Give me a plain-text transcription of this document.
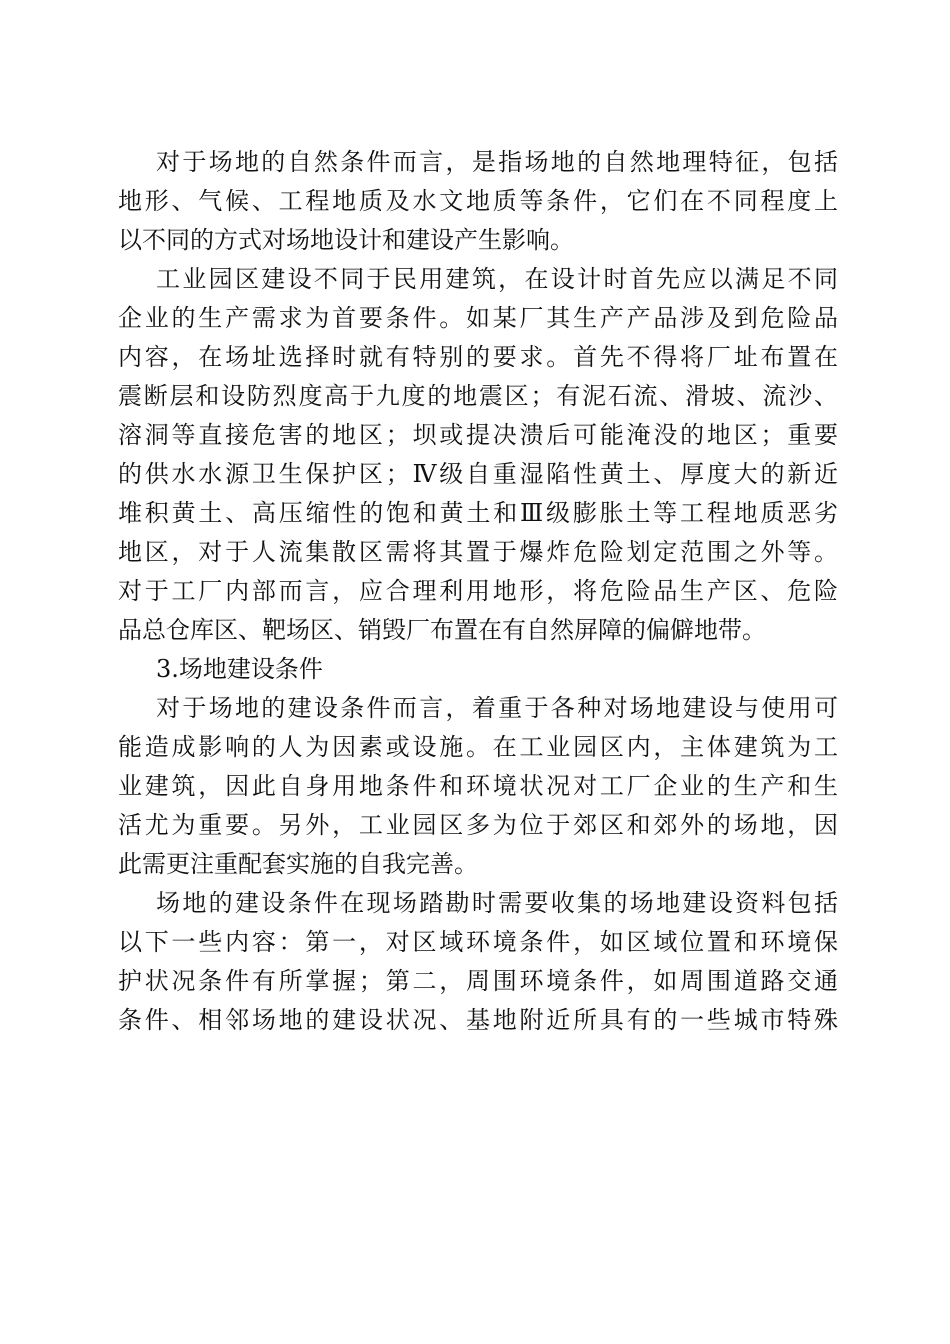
对于场地的自然条件而言，是指场地的自然地理特征，包括
地形、气候、工程地质及水文地质等条件，它们在不同程度上
以不同的方式对场地设计和建设产生影响。
工业园区建设不同于民用建筑，在设计时首先应以满足不同
企业的生产需求为首要条件。如某厂其生产产品涉及到危险品
内容，在场址选择时就有特别的要求。首先不得将厂址布置在
震断层和设防烈度高于九度的地震区；有泥石流、滑坡、流沙、
溶洞等直接危害的地区；坝或提决溃后可能淹没的地区；重要
的供水水源卫生保护区；Ⅳ级自重湿陷性黄土、厚度大的新近
堆积黄土、高压缩性的饱和黄土和Ⅲ级膨胀土等工程地质恶劣
地区，对于人流集散区需将其置于爆炸危险划定范围之外等。
对于工厂内部而言，应合理利用地形，将危险品生产区、危险
品总仓库区、靶场区、销毁厂布置在有自然屏障的偏僻地带。
3.场地建设条件
对于场地的建设条件而言，着重于各种对场地建设与使用可
能造成影响的人为因素或设施。在工业园区内，主体建筑为工
业建筑，因此自身用地条件和环境状况对工厂企业的生产和生
活尤为重要。另外，工业园区多为位于郊区和郊外的场地，因
此需更注重配套实施的自我完善。
场地的建设条件在现场踏勘时需要收集的场地建设资料包括
以下一些内容：第一，对区域环境条件，如区域位置和环境保
护状况条件有所掌握；第二，周围环境条件，如周围道路交通
条件、相邻场地的建设状况、基地附近所具有的一些城市特殊
